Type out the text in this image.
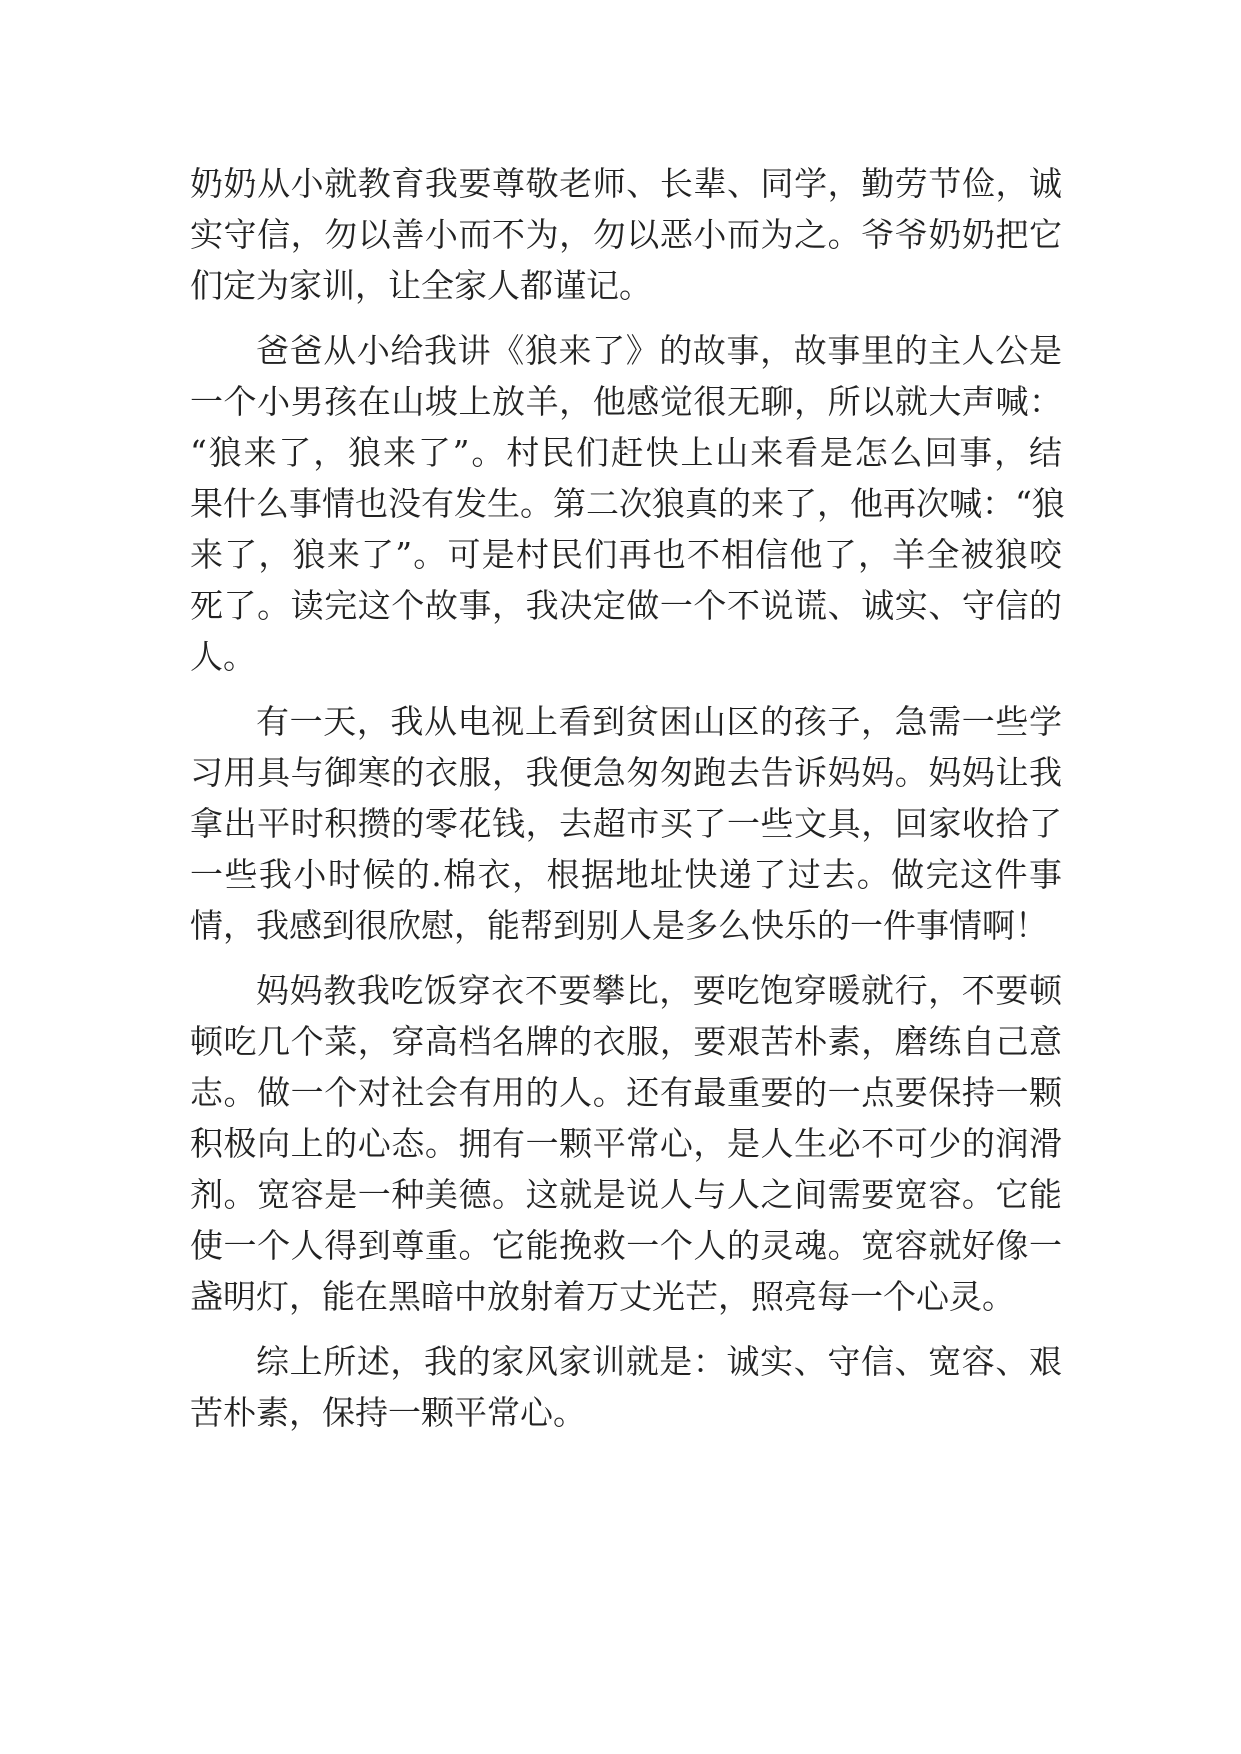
奶奶从小就教育我要尊敬老师、长辈、同学，勤劳节俭，诚
实守信，勿以善小而不为，勿以恶小而为之。爷爷奶奶把它
们定为家训，让全家人都谨记。
爸爸从小给我讲《狼来了》的故事，故事里的主人公是
一个小男孩在山坡上放羊，他感觉很无聊，所以就大声喊：
“狼来了，狼来了”。村民们赶快上山来看是怎么回事，结
果什么事情也没有发生。第二次狼真的来了，他再次喊：“狼
来了，狼来了”。可是村民们再也不相信他了，羊全被狼咬
死了。读完这个故事，我决定做一个不说谎、诚实、守信的
人。
有一天，我从电视上看到贫困山区的孩子，急需一些学
习用具与御寒的衣服，我便急匆匆跑去告诉妈妈。妈妈让我
拿出平时积攒的零花钱，去超市买了一些文具，回家收拾了
一些我小时候的.棉衣，根据地址快递了过去。做完这件事
情，我感到很欣慰，能帮到别人是多么快乐的一件事情啊！
妈妈教我吃饭穿衣不要攀比，要吃饱穿暖就行，不要顿
顿吃几个菜，穿高档名牌的衣服，要艰苦朴素，磨练自己意
志。做一个对社会有用的人。还有最重要的一点要保持一颗
积极向上的心态。拥有一颗平常心，是人生必不可少的润滑
剂。宽容是一种美德。这就是说人与人之间需要宽容。它能
使一个人得到尊重。它能挽救一个人的灵魂。宽容就好像一
盏明灯，能在黑暗中放射着万丈光芒，照亮每一个心灵。
综上所述，我的家风家训就是：诚实、守信、宽容、艰
苦朴素，保持一颗平常心。
